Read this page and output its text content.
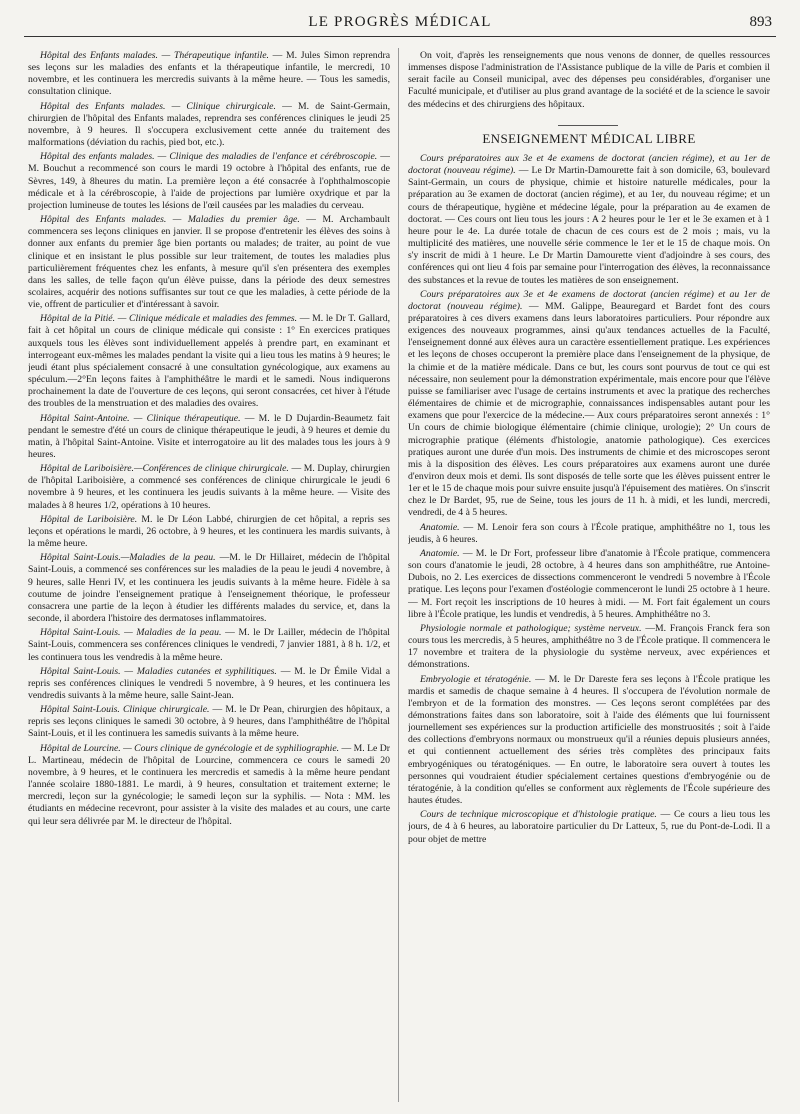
LE PROGRÈS MÉDICAL	893

Hôpital des Enfants malades. — Thérapeutique infantile. — M. Jules Simon reprendra ses leçons sur les maladies des enfants et la thérapeutique infantile, le mercredi, 10 novembre, et les continuera les mercredis suivants à la même heure. — Tous les samedis, consultation clinique.

Hôpital des Enfants malades. — Clinique chirurgicale. — M. de Saint-Germain, chirurgien de l'hôpital des Enfants malades, reprendra ses conférences cliniques le jeudi 25 novembre, à 9 heures. Il s'occupera exclusivement cette année du traitement des malformations (déviation du rachis, pied bot, etc.).

Hôpital des enfants malades. — Clinique des maladies de l'enfance et cérébroscopie. — M. Bouchut a recommencé son cours le mardi 19 octobre à l'hôpital des enfants, rue de Sèvres, 149, à 8heures du matin. La première leçon a été consacrée à l'ophthalmoscopie médicale et à la cérébroscopie, à l'aide de projections par lumière oxydrique et par la projection lumineuse de toutes les lésions de l'œil causées par les maladies du cerveau.

Hôpital des Enfants malades. — Maladies du premier âge. — M. Archambault commencera ses leçons cliniques en janvier. Il se propose d'entretenir les élèves des soins à donner aux enfants du premier âge bien portants ou malades; de traiter, au point de vue clinique et en insistant le plus possible sur leur traitement, de toutes les maladies plus particulièrement fréquentes chez les enfants, à mesure qu'il s'en présentera des exemples dans les salles, de telle façon qu'un élève puisse, dans la période des deux semestres scolaires, acquérir des notions suffisantes sur tout ce que les maladies, à cette période de la vie, offrent de particulier et d'intéressant à savoir.

Hôpital de la Pitié. — Clinique médicale et maladies des femmes. — M. le Dr T. Gallard, fait à cet hôpital un cours de clinique médicale qui consiste : 1° En exercices pratiques auxquels tous les élèves sont individuellement appelés à prendre part, en examinant et interrogeant eux-mêmes les malades pendant la visite qui a lieu tous les matins à 9 heures; le jeudi étant plus spécialement consacré à une consultation gynécologique, aux examens au spéculum.—2°En leçons faites à l'amphithéâtre le mardi et le samedi. Nous indiquerons prochainement la date de l'ouverture de ces leçons, qui seront consacrées, cet hiver à l'étude des troubles de la menstruation et des maladies des ovaires.

Hôpital Saint-Antoine. — Clinique thérapeutique. — M. le D Dujardin-Beaumetz fait pendant le semestre d'été un cours de clinique thérapeutique le jeudi, à 9 heures et demie du matin, à l'hôpital Saint-Antoine. Visite et interrogatoire au lit des malades tous les jours à 9 heures.

Hôpital de Lariboisière.—Conférences de clinique chirurgicale. — M. Duplay, chirurgien de l'hôpital Lariboisière, a commencé ses conférences de clinique chirurgicale le jeudi 6 novembre à 9 heures, et les continuera les jeudis suivants à la même heure. — Visite des malades à 8 heures 1/2, opérations à 10 heures.

Hôpital de Lariboisière. M. le Dr Léon Labbé, chirurgien de cet hôpital, a repris ses leçons et opérations le mardi, 26 octobre, à 9 heures, et les continuera les mardis suivants, à la même heure.

Hôpital Saint-Louis.—Maladies de la peau. —M. le Dr Hillairet, médecin de l'hôpital Saint-Louis, a commencé ses conférences sur les maladies de la peau le jeudi 4 novembre, à 9 heures, salle Henri IV, et les continuera les jeudis suivants à la même heure. Fidèle à sa coutume de joindre l'enseignement pratique à l'enseignement théorique, le professeur consacrera une partie de la leçon à étudier les différents malades du service, et, dans la seconde, il abordera l'histoire des dermatoses inflammatoires.

Hôpital Saint-Louis. — Maladies de la peau. — M. le Dr Lailler, médecin de l'hôpital Saint-Louis, commencera ses conférences cliniques le vendredi, 7 janvier 1881, à 8 h. 1/2, et les continuera tous les vendredis à la même heure.

Hôpital Saint-Louis. — Maladies cutanées et syphilitiques. — M. le Dr Émile Vidal a repris ses conférences cliniques le vendredi 5 novembre, à 9 heures, et les continuera les vendredis suivants à la même heure, salle Saint-Jean.

Hôpital Saint-Louis. Clinique chirurgicale. — M. le Dr Pean, chirurgien des hôpitaux, a repris ses leçons cliniques le samedi 30 octobre, à 9 heures, dans l'amphithéâtre de l'hôpital Saint-Louis, et il les continuera les samedis suivants à la même heure.

Hôpital de Lourcine. — Cours clinique de gynécologie et de syphiliographie. — M. Le Dr L. Martineau, médecin de l'hôpital de Lourcine, commencera ce cours le samedi 20 novembre, à 9 heures, et le continuera les mercredis et samedis à la même heure pendant l'année scolaire 1880-1881. Le mardi, à 9 heures, consultation et traitement externe; le mercredi, leçon sur la gynécologie; le samedi leçon sur la syphilis. — Nota : MM. les étudiants en médecine recevront, pour assister à la visite des malades et au cours, une carte qui leur sera délivrée par M. le directeur de l'hôpital.

On voit, d'après les renseignements que nous venons de donner, de quelles ressources immenses dispose l'administration de l'Assistance publique de la ville de Paris et combien il serait facile au Conseil municipal, avec des dépenses peu considérables, d'organiser une Faculté municipale, et d'utiliser au plus grand avantage de la société et de la science le savoir des médecins et des chirurgiens des hôpitaux.

ENSEIGNEMENT MÉDICAL LIBRE

Cours préparatoires aux 3e et 4e examens de doctorat (ancien régime), et au 1er de doctorat (nouveau régime). — Le Dr Martin-Damourette fait à son domicile, 63, boulevard Saint-Germain, un cours de physique, chimie et histoire naturelle médicales, pour la préparation au 3e examen de doctorat (ancien régime), et au 1er, du nouveau régime; et un cours de thérapeutique, hygiène et médecine légale, pour la préparation au 4e examen de doctorat. — Ces cours ont lieu tous les jours : A 2 heures pour le 1er et le 3e examen et à 1 heure pour le 4e. La durée totale de chacun de ces cours est de 2 mois ; mais, vu la multiplicité des matières, une nouvelle série commence le 1er et le 15 de chaque mois. On s'y inscrit de midi à 1 heure. Le Dr Martin Damourette vient d'adjoindre à ses cours, des conférences qui ont lieu 4 fois par semaine pour l'interrogation des élèves, la reconnaissance des substances et la revue de toutes les matières de son enseignement.

Cours préparatoires aux 3e et 4e examens de doctorat (ancien régime) et au 1er de doctorat (nouveau régime). — MM. Galippe, Beauregard et Bardet font des cours préparatoires à ces divers examens dans leurs laboratoires particuliers. Pour répondre aux exigences des nouveaux programmes, ainsi qu'aux tendances actuelles de la Faculté, l'enseignement donné aux élèves aura un caractère essentiellement pratique. Les expériences et les leçons de choses occuperont la première place dans l'enseignement de la physique, de la chimie et de la matière médicale. Dans ce but, les cours sont pourvus de tout ce qui est nécessaire, non seulement pour la démonstration expérimentale, mais encore pour que l'élève puisse se familiariser avec l'usage de certains instruments et avec la pratique des recherches élémentaires de chimie et de micrographie, connaissances indispensables autant pour les examens que pour l'exercice de la médecine.— Aux cours préparatoires seront annexés : 1° Un cours de chimie biologique élémentaire (chimie clinique, urologie); 2° Un cours de micrographie pratique (éléments d'histologie, anatomie pathologique). Ces exercices pratiques auront une durée d'un mois. Des instruments de chimie et des microscopes seront mis à la disposition des élèves. Les cours préparatoires aux examens auront une durée d'environ deux mois et demi. Ils sont disposés de telle sorte que les élèves puissent entrer le 1er et le 15 de chaque mois pour suivre ensuite jusqu'à l'épuisement des matières. On s'inscrit chez le Dr Bardet, 95, rue de Seine, tous les jours de 11 h. à midi, et les lundi, mercredi, vendredi, de 4 à 5 heures.

Anatomie. — M. Lenoir fera son cours à l'École pratique, amphithéâtre no 1, tous les jeudis, à 6 heures.

Anatomie. — M. le Dr Fort, professeur libre d'anatomie à l'École pratique, commencera son cours d'anatomie le jeudi, 28 octobre, à 4 heures dans son amphithéâtre, rue Antoine-Dubois, no 2. Les exercices de dissections commenceront le vendredi 5 novembre à l'École pratique. Les leçons pour l'examen d'ostéologie commenceront le lundi 25 octobre à 1 heure. — M. Fort reçoit les inscriptions de 10 heures à midi. — M. Fort fait également un cours libre à l'École pratique, les lundis et vendredis, à 5 heures. Amphithéâtre no 3.

Physiologie normale et pathologique; système nerveux. —M. François Franck fera son cours tous les mercredis, à 5 heures, amphithéâtre no 3 de l'École pratique. Il commencera le 17 novembre et traitera de la physiologie du système nerveux, avec expériences et démonstrations.

Embryologie et tératogénie. — M. le Dr Dareste fera ses leçons à l'École pratique les mardis et samedis de chaque semaine à 4 heures. Il s'occupera de l'évolution normale de l'embryon et de la formation des monstres. — Ces leçons seront complétées par des démonstrations faites dans son laboratoire, soit à l'aide des éléments que lui fournissent journellement ses expériences sur la production artificielle des monstruosités ; soit à l'aide des collections d'embryons normaux ou monstrueux qu'il a réunies depuis plusieurs années, et qui contiennent actuellement des séries très complètes des principaux faits embryogéniques ou tératogéniques. — En outre, le laboratoire sera ouvert à toutes les personnes qui voudraient étudier spécialement certaines questions d'embryogénie ou de tératogénie, à la condition qu'elles se conforment aux règlements de l'École supérieure des hautes études.

Cours de technique microscopique et d'histologie pratique. — Ce cours a lieu tous les jours, de 4 à 6 heures, au laboratoire particulier du Dr Latteux, 5, rue du Pont-de-Lodi. Il a pour objet de mettre
